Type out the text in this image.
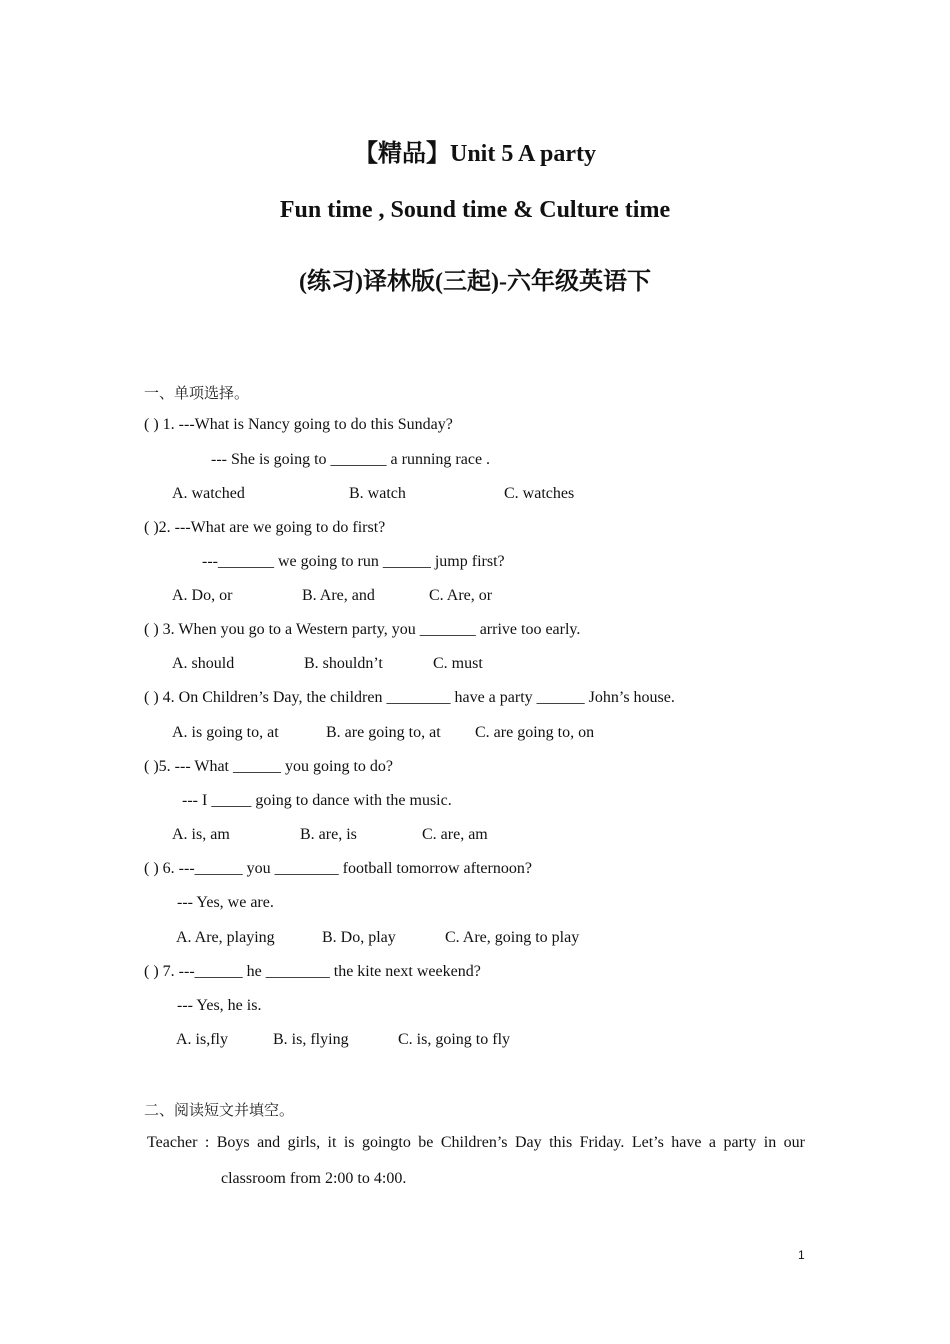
【精品】Unit 5 A party
Fun time , Sound time & Culture time
(练习)译林版(三起)-六年级英语下
一、单项选择。
( ) 1. ---What is Nancy going to do this Sunday?
--- She is going to _______ a running race .
A. watched	B. watch	C. watches
( )2. ---What are we going to do first?
---_______ we going to run ______ jump first?
A. Do, or	B. Are, and	C. Are, or
( ) 3. When you go to a Western party, you _______ arrive too early.
A. should	B. shouldn’t	C. must
( ) 4. On Children’s Day, the children ________ have a party ______ John’s house.
A. is going to, at	B. are going to, at C. are going to, on
( )5. --- What ______ you going to do?
--- I _____ going to dance with the music.
A. is, am	B. are, is	C. are, am
( ) 6. ---______ you ________ football tomorrow afternoon?
--- Yes, we are.
A. Are, playing	B. Do, play	C. Are, going to play
( ) 7. ---______ he ________ the kite next weekend?
--- Yes, he is.
A. is,fly	B. is, flying	C. is, going to fly
二、阅读短文并填空。
Teacher : Boys and girls, it is goingto be Children’s Day this Friday. Let’s have a party in our
classroom from 2:00 to 4:00.
1
